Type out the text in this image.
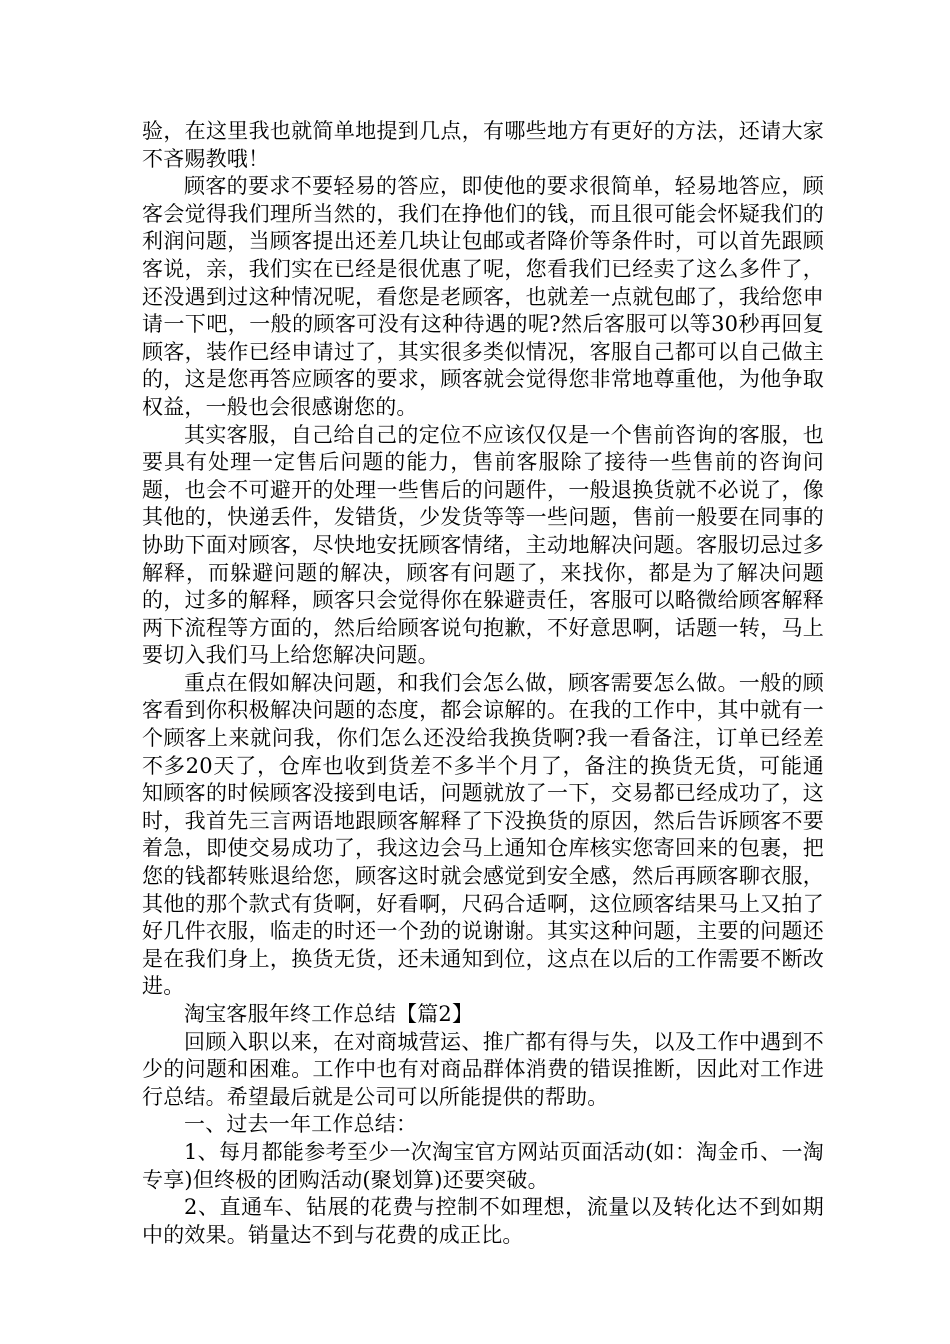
验，在这里我也就简单地提到几点，有哪些地方有更好的方法，还请大家不吝赐教哦！

顾客的要求不要轻易的答应，即使他的要求很简单，轻易地答应，顾客会觉得我们理所当然的，我们在挣他们的钱，而且很可能会怀疑我们的利润问题，当顾客提出还差几块让包邮或者降价等条件时，可以首先跟顾客说，亲，我们实在已经是很优惠了呢，您看我们已经卖了这么多件了，还没遇到过这种情况呢，看您是老顾客，也就差一点就包邮了，我给您申请一下吧，一般的顾客可没有这种待遇的呢?然后客服可以等30秒再回复顾客，装作已经申请过了，其实很多类似情况，客服自己都可以自己做主的，这是您再答应顾客的要求，顾客就会觉得您非常地尊重他，为他争取权益，一般也会很感谢您的。

其实客服，自己给自己的定位不应该仅仅是一个售前咨询的客服，也要具有处理一定售后问题的能力，售前客服除了接待一些售前的咨询问题，也会不可避开的处理一些售后的问题件，一般退换货就不必说了，像其他的，快递丢件，发错货，少发货等等一些问题，售前一般要在同事的协助下面对顾客，尽快地安抚顾客情绪，主动地解决问题。客服切忌过多解释，而躲避问题的解决，顾客有问题了，来找你，都是为了解决问题的，过多的解释，顾客只会觉得你在躲避责任，客服可以略微给顾客解释两下流程等方面的，然后给顾客说句抱歉，不好意思啊，话题一转，马上要切入我们马上给您解决问题。

重点在假如解决问题，和我们会怎么做，顾客需要怎么做。一般的顾客看到你积极解决问题的态度，都会谅解的。在我的工作中，其中就有一个顾客上来就问我，你们怎么还没给我换货啊?我一看备注，订单已经差不多20天了，仓库也收到货差不多半个月了，备注的换货无货，可能通知顾客的时候顾客没接到电话，问题就放了一下，交易都已经成功了，这时，我首先三言两语地跟顾客解释了下没换货的原因，然后告诉顾客不要着急，即使交易成功了，我这边会马上通知仓库核实您寄回来的包裹，把您的钱都转账退给您，顾客这时就会感觉到安全感，然后再顾客聊衣服，其他的那个款式有货啊，好看啊，尺码合适啊，这位顾客结果马上又拍了好几件衣服，临走的时还一个劲的说谢谢。其实这种问题，主要的问题还是在我们身上，换货无货，还未通知到位，这点在以后的工作需要不断改进。

淘宝客服年终工作总结【篇2】

回顾入职以来，在对商城营运、推广都有得与失，以及工作中遇到不少的问题和困难。工作中也有对商品群体消费的错误推断，因此对工作进行总结。希望最后就是公司可以所能提供的帮助。

一、过去一年工作总结：

1、每月都能参考至少一次淘宝官方网站页面活动(如：淘金币、一淘专享)但终极的团购活动(聚划算)还要突破。

2、直通车、钻展的花费与控制不如理想，流量以及转化达不到如期中的效果。销量达不到与花费的成正比。
